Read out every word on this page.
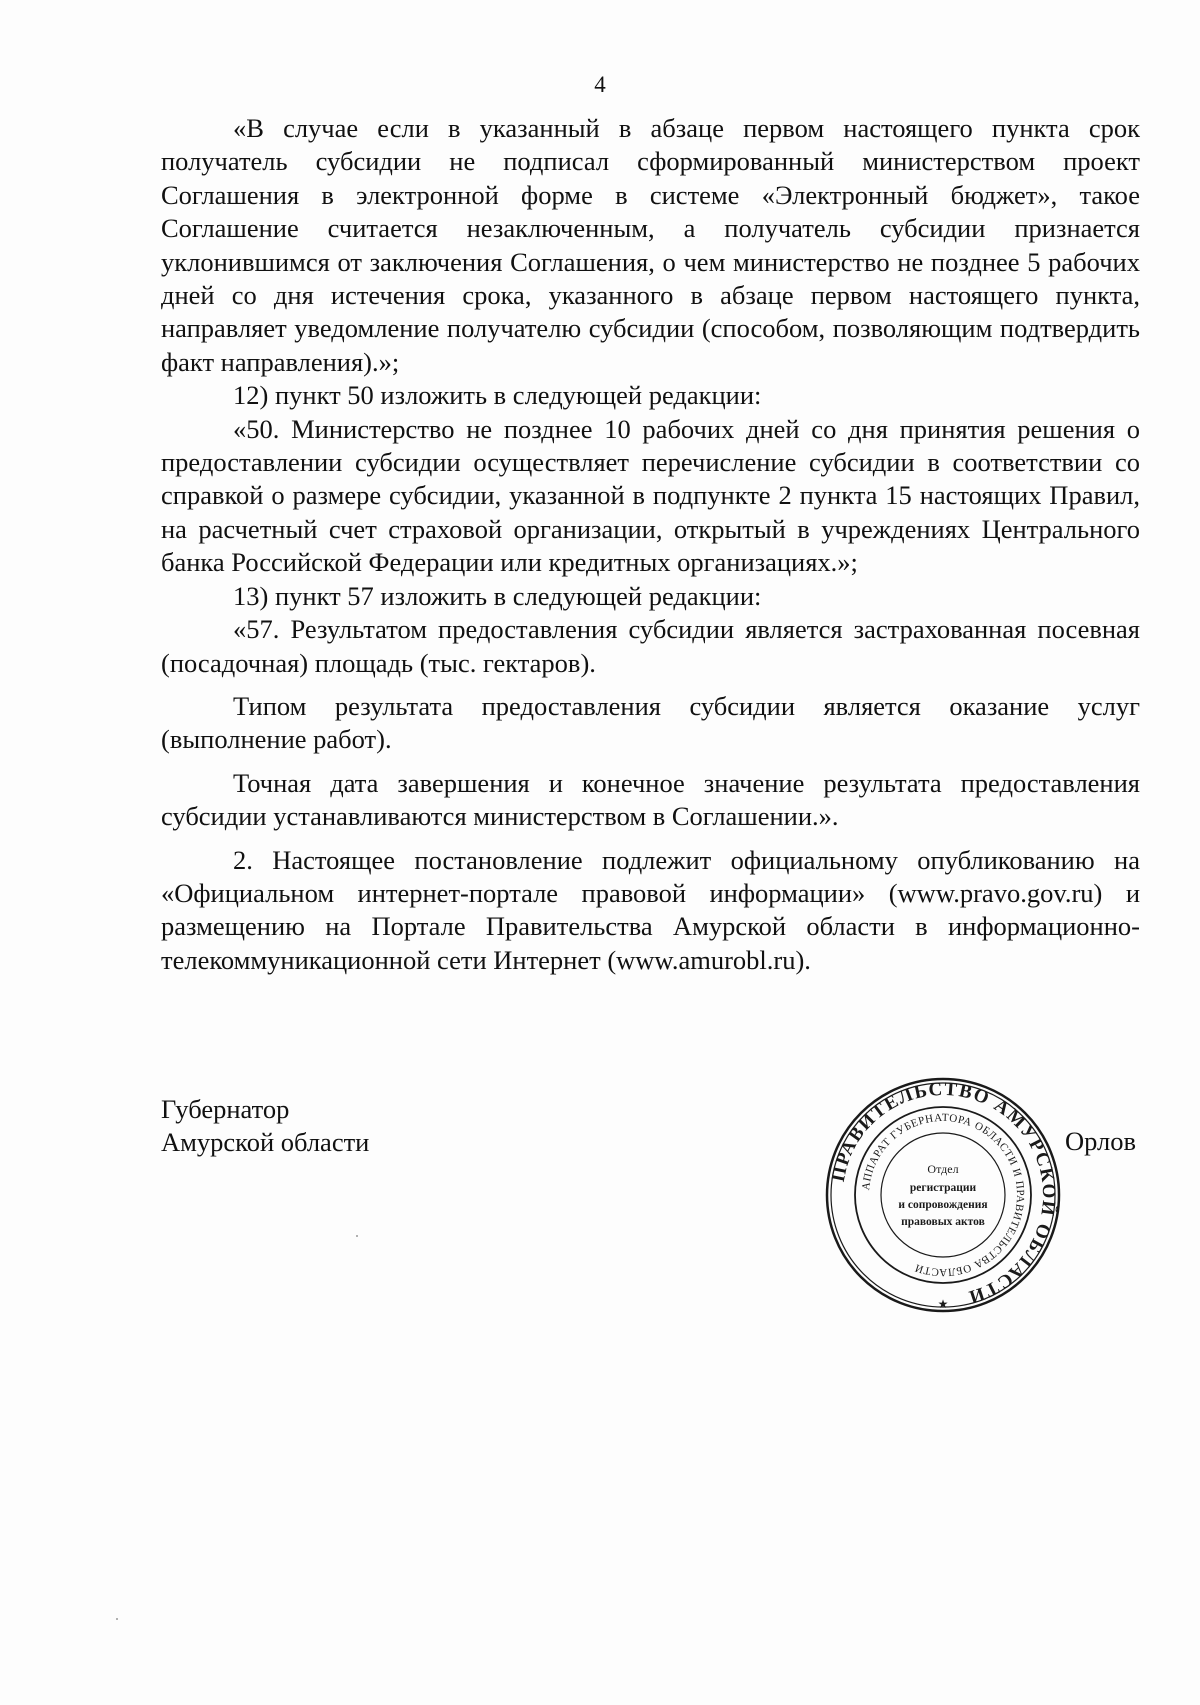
4

«В случае если в указанный в абзаце первом настоящего пункта срок получатель субсидии не подписал сформированный министерством проект Соглашения в электронной форме в системе «Электронный бюджет», такое Соглашение считается незаключенным, а получатель субсидии признается уклонившимся от заключения Соглашения, о чем министерство не позднее 5 рабочих дней со дня истечения срока, указанного в абзаце первом настоящего пункта, направляет уведомление получателю субсидии (способом, позволяющим подтвердить факт направления).»;

12) пункт 50 изложить в следующей редакции:

«50. Министерство не позднее 10 рабочих дней со дня принятия решения о предоставлении субсидии осуществляет перечисление субсидии в соответствии со справкой о размере субсидии, указанной в подпункте 2 пункта 15 настоящих Правил, на расчетный счет страховой организации, открытый в учреждениях Центрального банка Российской Федерации или кредитных организациях.»;

13) пункт 57 изложить в следующей редакции:

«57. Результатом предоставления субсидии является застрахованная посевная (посадочная) площадь (тыс. гектаров).

Типом результата предоставления субсидии является оказание услуг (выполнение работ).

Точная дата завершения и конечное значение результата предоставления субсидии устанавливаются министерством в Соглашении.».

2. Настоящее постановление подлежит официальному опубликованию на «Официальном интернет-портале правовой информации» (www.pravo.gov.ru) и размещению на Портале Правительства Амурской области в информационно-телекоммуникационной сети Интернет (www.amurobl.ru).

Губернатор
Амурской области
ПРАВИТЕЛЬСТВО АМУРСКОЙ ОБЛАСТИ
АППАРАТ ГУБЕРНАТОРА ОБЛАСТИ И ПРАВИТЕЛЬСТВА ОБЛАСТИ
Отдел
регистрации
и сопровождения
правовых актов
★
Орлов
